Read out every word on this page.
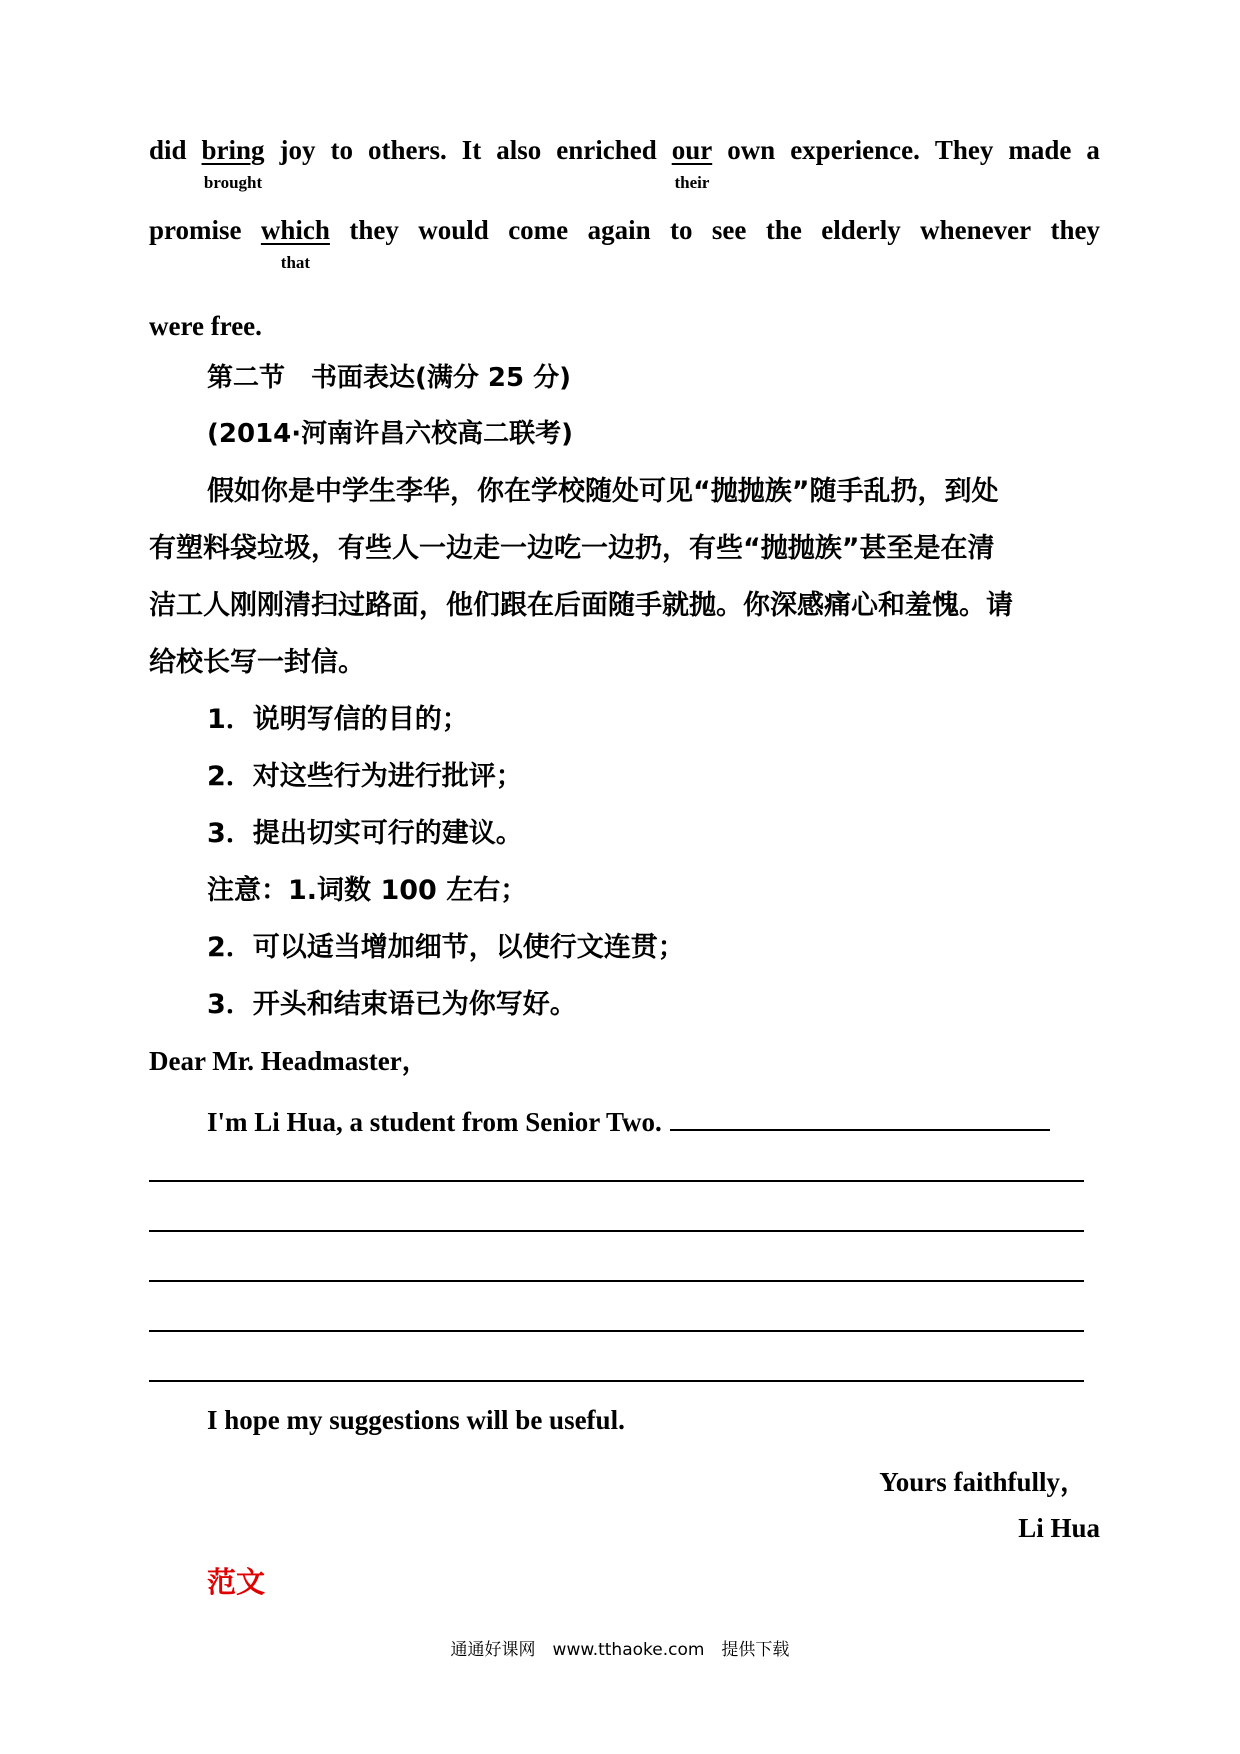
did bring
brought
joy to others. It also enriched our
their
own experience. They made a
promise which
that
they would come again to see the elderly whenever they
were free.
第二节　书面表达(满分 25 分)
(2014·河南许昌六校高二联考)
假如你是中学生李华，你在学校随处可见“抛抛族”随手乱扔，到处
有塑料袋垃圾，有些人一边走一边吃一边扔，有些“抛抛族”甚至是在清
洁工人刚刚清扫过路面，他们跟在后面随手就抛。你深感痛心和羞愧。请
给校长写一封信。
1．说明写信的目的；
2．对这些行为进行批评；
3．提出切实可行的建议。
注意：1.词数 100 左右；
2．可以适当增加细节，以使行文连贯；
3．开头和结束语已为你写好。
Dear Mr. Headmaster，
I'm Li Hua, a student from Senior Two.
I hope my suggestions will be useful.
Yours faithfully，
Li Hua
范文
通通好课网　www.tthaoke.com　提供下载
